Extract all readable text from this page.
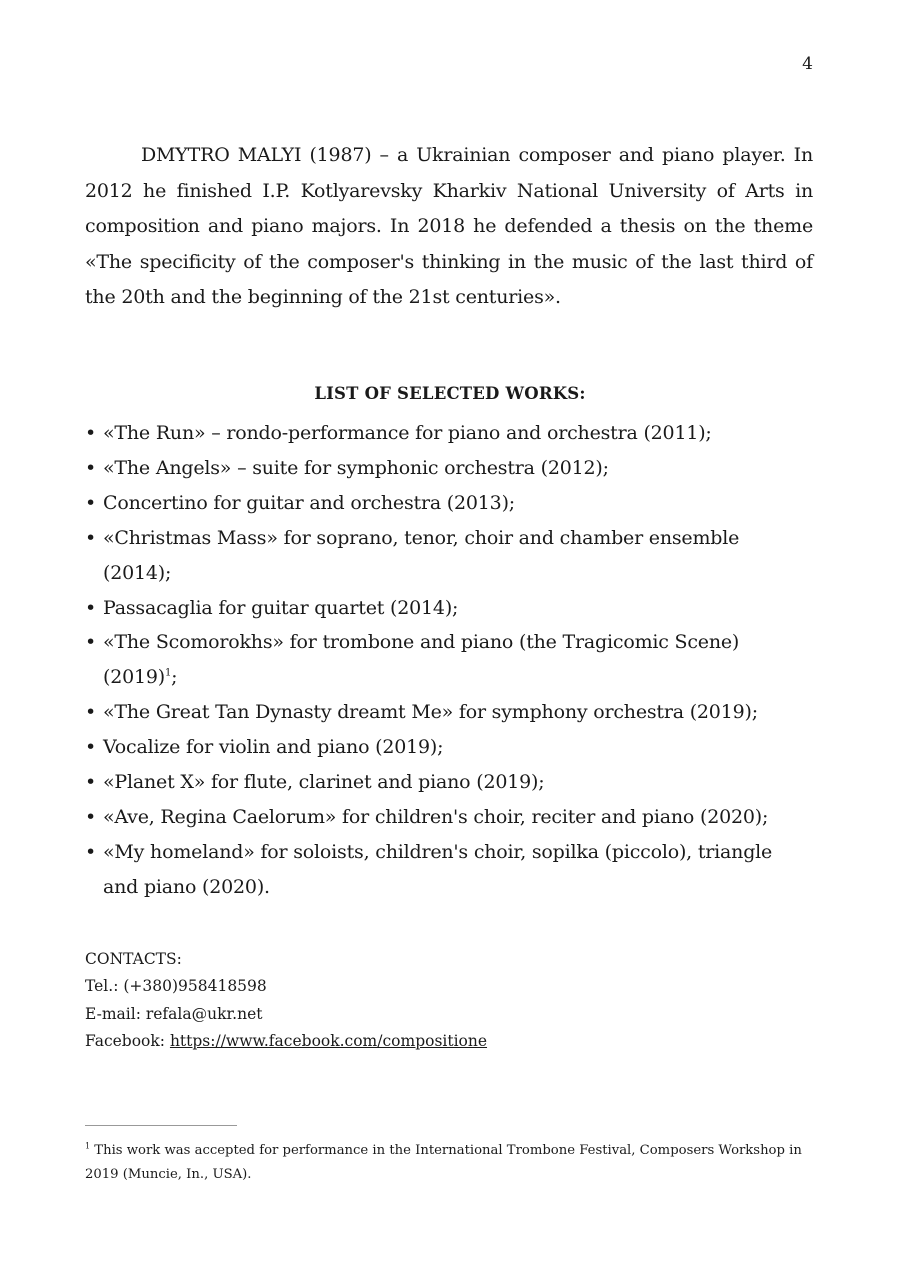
4

DMYTRO MALYI (1987) – a Ukrainian composer and piano player. In 2012 he finished I.P. Kotlyarevsky Kharkiv National University of Arts in composition and piano majors. In 2018 he defended a thesis on the theme «The specificity of the composer's thinking in the music of the last third of the 20th and the beginning of the 21st centuries».

LIST OF SELECTED WORKS:
• «The Run» – rondo-performance for piano and orchestra (2011);
• «The Angels» – suite for symphonic orchestra (2012);
• Concertino for guitar and orchestra (2013);
• «Christmas Mass» for soprano, tenor, choir and chamber ensemble (2014);
• Passacaglia for guitar quartet (2014);
• «The Scomorokhs» for trombone and piano (the Tragicomic Scene) $(2019)^1$;
• «The Great Tan Dynasty dreamt Me» for symphony orchestra (2019);
• Vocalize for violin and piano (2019);
• «Planet X» for flute, clarinet and piano (2019);
• «Ave, Regina Caelorum» for children's choir, reciter and piano (2020);
• «My homeland» for soloists, children's choir, sopilka (piccolo), triangle and piano (2020).
CONTACTS:
Tel.: (+380)958418598
E-mail: refala@ukr.net
Facebook: https://www.facebook.com/compositione

$^1$ This work was accepted for performance in the International Trombone Festival, Composers Workshop in 2019 (Muncie, In., USA).
